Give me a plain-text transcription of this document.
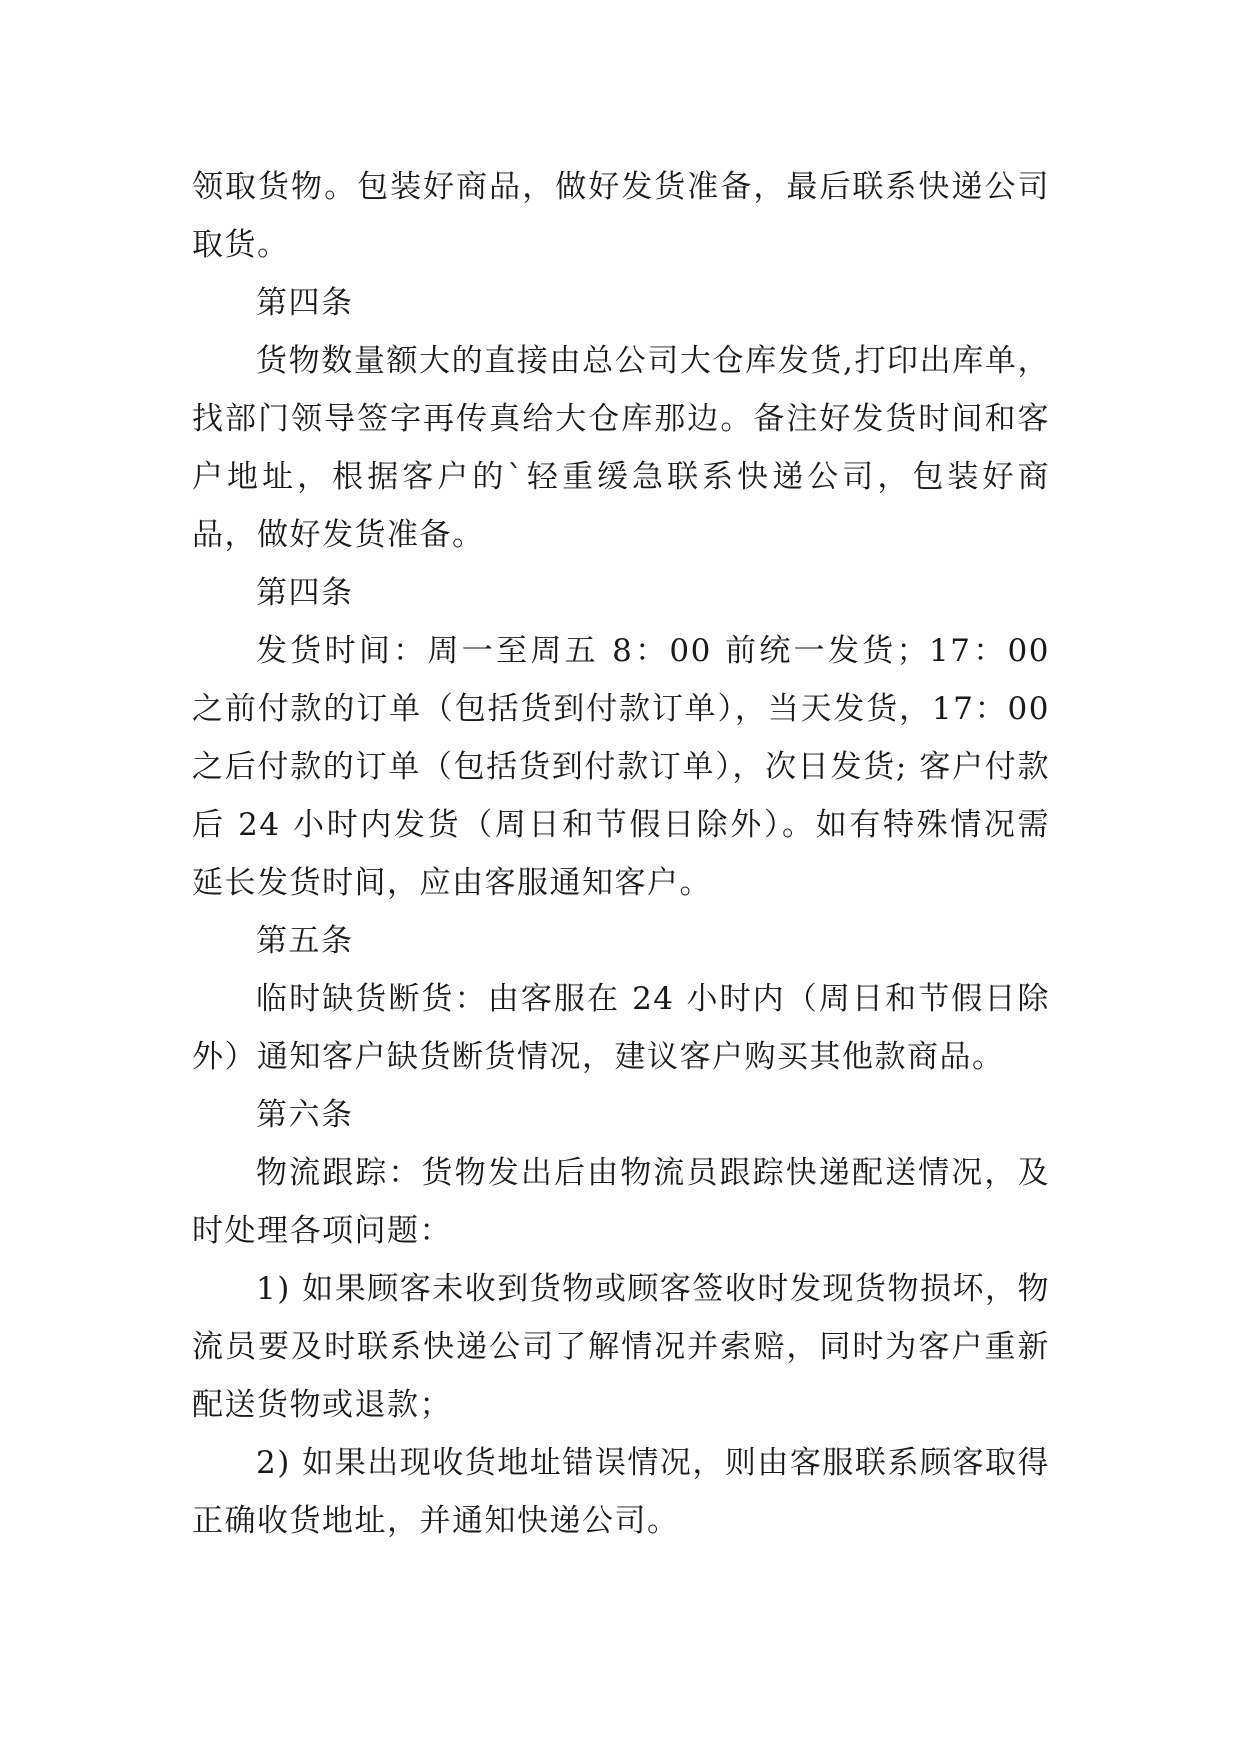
领取货物。包装好商品，做好发货准备，最后联系快递公司取货。

第四条

货物数量额大的直接由总公司大仓库发货,打印出库单，找部门领导签字再传真给大仓库那边。备注好发货时间和客户地址，根据客户的`轻重缓急联系快递公司，包装好商品，做好发货准备。

第四条

发货时间：周一至周五 8：00 前统一发货；17：00 之前付款的订单（包括货到付款订单），当天发货，17：00 之后付款的订单（包括货到付款订单），次日发货; 客户付款后 24 小时内发货（周日和节假日除外）。如有特殊情况需延长发货时间，应由客服通知客户。

第五条

临时缺货断货：由客服在 24 小时内（周日和节假日除外）通知客户缺货断货情况，建议客户购买其他款商品。

第六条

物流跟踪：货物发出后由物流员跟踪快递配送情况，及时处理各项问题：

1) 如果顾客未收到货物或顾客签收时发现货物损坏，物流员要及时联系快递公司了解情况并索赔，同时为客户重新配送货物或退款；

2) 如果出现收货地址错误情况，则由客服联系顾客取得正确收货地址，并通知快递公司。
